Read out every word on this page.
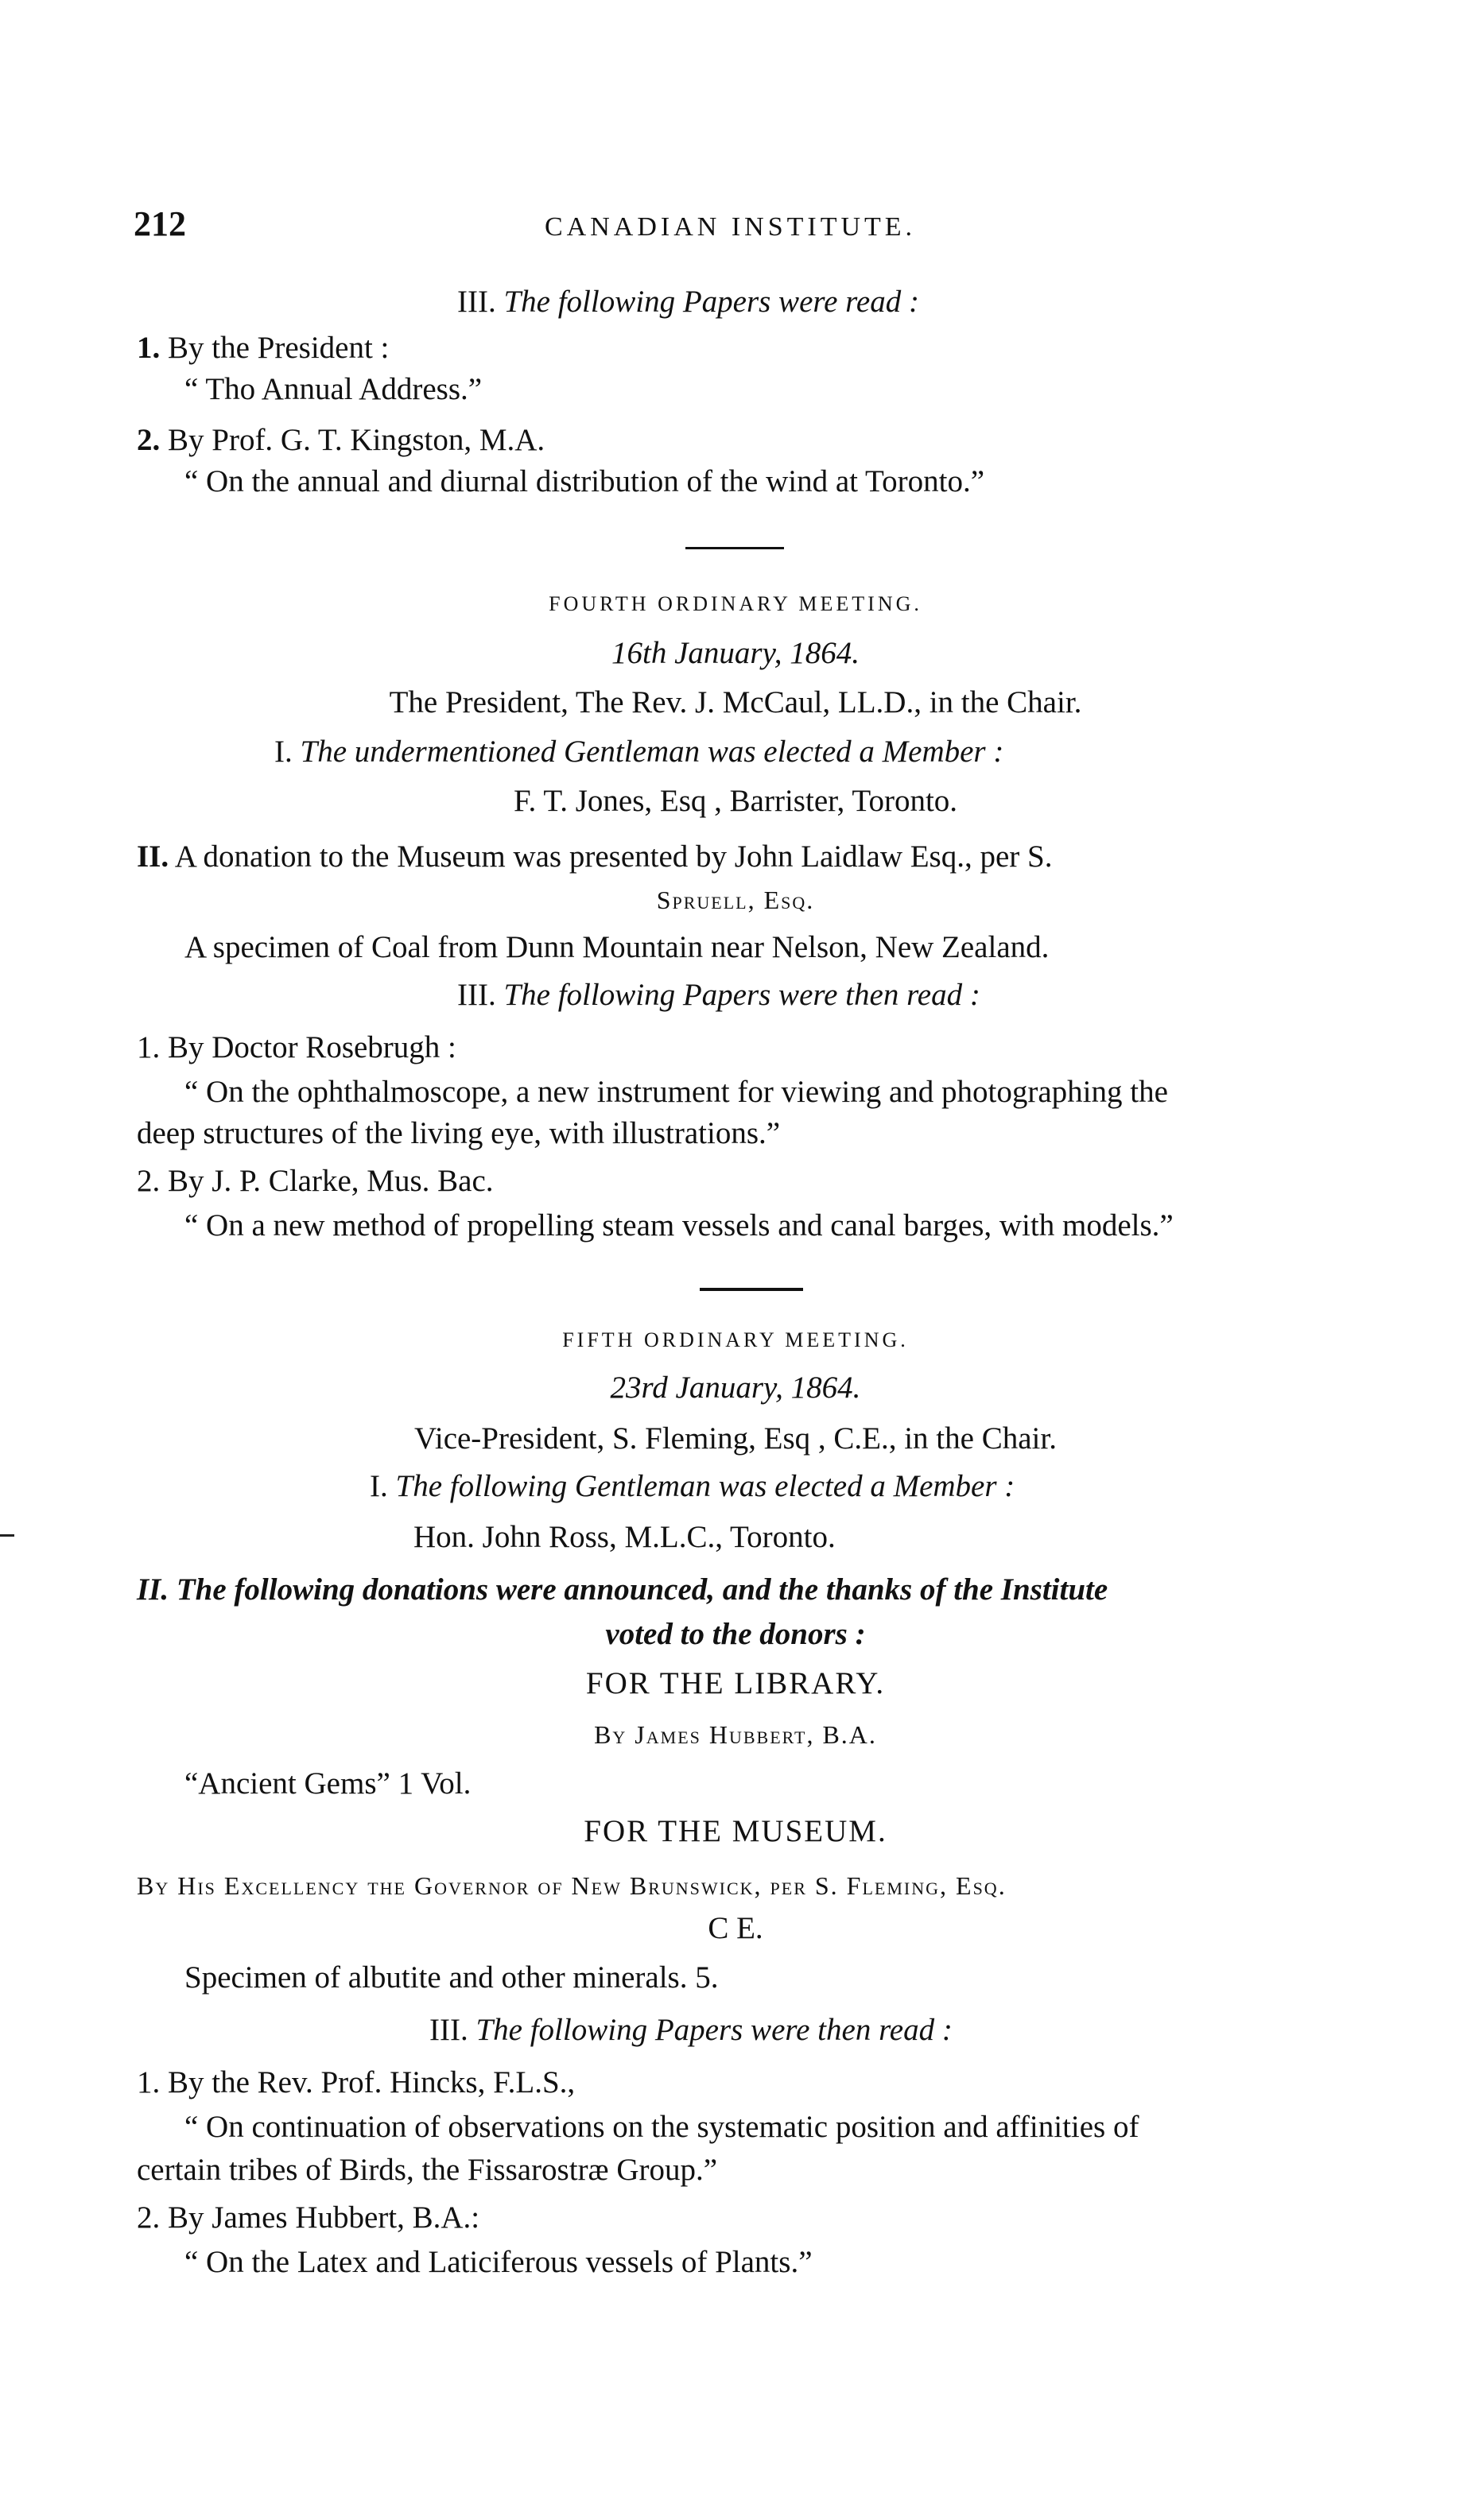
212	CANADIAN INSTITUTE.
III. The following Papers were read :
1. By the President :
“ Tho Annual Address.”
2. By Prof. G. T. Kingston, M.A.
“ On the annual and diurnal distribution of the wind at Toronto.”
FOURTH ORDINARY MEETING.
16th January, 1864.
The President, The Rev. J. McCaul, LL.D., in the Chair.
I. The undermentioned Gentleman was elected a Member :
F. T. Jones, Esq , Barrister, Toronto.
II. A donation to the Museum was presented by John Laidlaw Esq., per S.
Spruell, Esq.
A specimen of Coal from Dunn Mountain near Nelson, New Zealand.
III. The following Papers were then read :
1. By Doctor Rosebrugh :
“ On the ophthalmoscope, a new instrument for viewing and photographing the
deep structures of the living eye, with illustrations.”
2. By J. P. Clarke, Mus. Bac.
“ On a new method of propelling steam vessels and canal barges, with models.”
FIFTH ORDINARY MEETING.
23rd January, 1864.
Vice-President, S. Fleming, Esq , C.E., in the Chair.
I. The following Gentleman was elected a Member :
Hon. John Ross, M.L.C., Toronto.
II. The following donations were announced, and the thanks of the Institute
voted to the donors :
FOR THE LIBRARY.
By James Hubbert, B.A.
“Ancient Gems” 1 Vol.
FOR THE MUSEUM.
By His Excellency the Governor of New Brunswick, per S. Fleming, Esq.
C E.
Specimen of albutite and other minerals. 5.
III. The following Papers were then read :
1. By the Rev. Prof. Hincks, F.L.S.,
“ On continuation of observations on the systematic position and affinities of
certain tribes of Birds, the Fissarostræ Group.”
2. By James Hubbert, B.A.:
“ On the Latex and Laticiferous vessels of Plants.”
